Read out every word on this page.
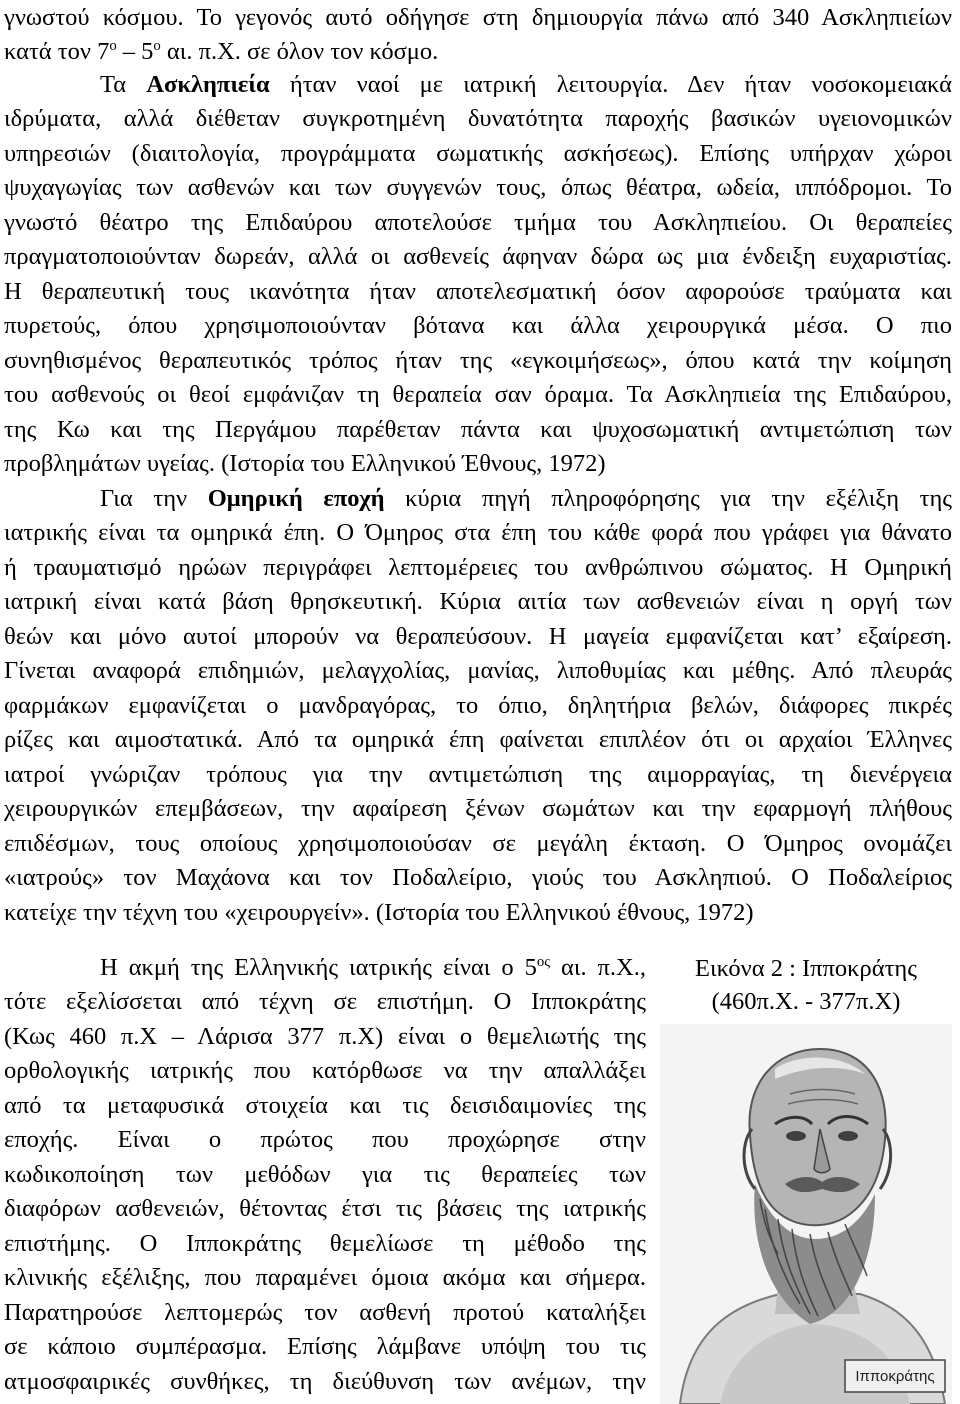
γνωστού κόσμου. Το γεγονός αυτό οδήγησε στη δημιουργία πάνω από 340 Ασκληπιείων
κατά τον $7^o - 5^o$ αι. π.Χ. σε όλον τον κόσμο.
Τα Ασκληπιεία ήταν ναοί με ιατρική λειτουργία. Δεν ήταν νοσοκομειακά
ιδρύματα, αλλά διέθεταν συγκροτημένη δυνατότητα παροχής βασικών υγειονομικών
υπηρεσιών (διαιτολογία, προγράμματα σωματικής ασκήσεως). Επίσης υπήρχαν χώροι
ψυχαγωγίας των ασθενών και των συγγενών τους, όπως θέατρα, ωδεία, ιππόδρομοι. Το
γνωστό θέατρο της Επιδαύρου αποτελούσε τμήμα του Ασκληπιείου. Οι θεραπείες
πραγματοποιούνταν δωρεάν, αλλά οι ασθενείς άφηναν δώρα ως μια ένδειξη ευχαριστίας.
Η θεραπευτική τους ικανότητα ήταν αποτελεσματική όσον αφορούσε τραύματα και
πυρετούς, όπου χρησιμοποιούνταν βότανα και άλλα χειρουργικά μέσα. Ο πιο
συνηθισμένος θεραπευτικός τρόπος ήταν της «εγκοιμήσεως», όπου κατά την κοίμηση
του ασθενούς οι θεοί εμφάνιζαν τη θεραπεία σαν όραμα. Τα Ασκληπιεία της Επιδαύρου,
της Κω και της Περγάμου παρέθεταν πάντα και ψυχοσωματική αντιμετώπιση των
προβλημάτων υγείας. (Ιστορία του Ελληνικού Έθνους, 1972)
Για την Ομηρική εποχή κύρια πηγή πληροφόρησης για την εξέλιξη της
ιατρικής είναι τα ομηρικά έπη. Ο Όμηρος στα έπη του κάθε φορά που γράφει για θάνατο
ή τραυματισμό ηρώων περιγράφει λεπτομέρειες του ανθρώπινου σώματος. Η Ομηρική
ιατρική είναι κατά βάση θρησκευτική. Κύρια αιτία των ασθενειών είναι η οργή των
θεών και μόνο αυτοί μπορούν να θεραπεύσουν. Η μαγεία εμφανίζεται κατ’ εξαίρεση.
Γίνεται αναφορά επιδημιών, μελαγχολίας, μανίας, λιποθυμίας και μέθης. Από πλευράς
φαρμάκων εμφανίζεται ο μανδραγόρας, το όπιο, δηλητήρια βελών, διάφορες πικρές
ρίζες και αιμοστατικά. Από τα ομηρικά έπη φαίνεται επιπλέον ότι οι αρχαίοι Έλληνες
ιατροί γνώριζαν τρόπους για την αντιμετώπιση της αιμορραγίας, τη διενέργεια
χειρουργικών επεμβάσεων, την αφαίρεση ξένων σωμάτων και την εφαρμογή πλήθους
επιδέσμων, τους οποίους χρησιμοποιούσαν σε μεγάλη έκταση. Ο Όμηρος ονομάζει
«ιατρούς» τον Μαχάονα και τον Ποδαλείριο, γιούς του Ασκληπιού. Ο Ποδαλείριος
κατείχε την τέχνη του «χειρουργείν». (Ιστορία του Ελληνικού έθνους, 1972)
Η ακμή της Ελληνικής ιατρικής είναι ο $5^{o\varsigma}$ αι. π.Χ.,
τότε εξελίσσεται από τέχνη σε επιστήμη. Ο Ιπποκράτης
(Κως 460 π.Χ – Λάρισα 377 π.Χ) είναι ο θεμελιωτής της
ορθολογικής ιατρικής που κατόρθωσε να την απαλλάξει
από τα μεταφυσικά στοιχεία και τις δεισιδαιμονίες της
εποχής. Είναι ο πρώτος που προχώρησε στην
κωδικοποίηση των μεθόδων για τις θεραπείες των
διαφόρων ασθενειών, θέτοντας έτσι τις βάσεις της ιατρικής
επιστήμης. Ο Ιπποκράτης θεμελίωσε τη μέθοδο της
κλινικής εξέλιξης, που παραμένει όμοια ακόμα και σήμερα.
Παρατηρούσε λεπτομερώς τον ασθενή προτού καταλήξει
σε κάποιο συμπέρασμα. Επίσης λάμβανε υπόψη του τις
ατμοσφαιρικές συνθήκες, τη διεύθυνση των ανέμων, την
Εικόνα 2 : Ιπποκράτης
(460π.Χ. - 377π.Χ)
Ιπποκράτης
